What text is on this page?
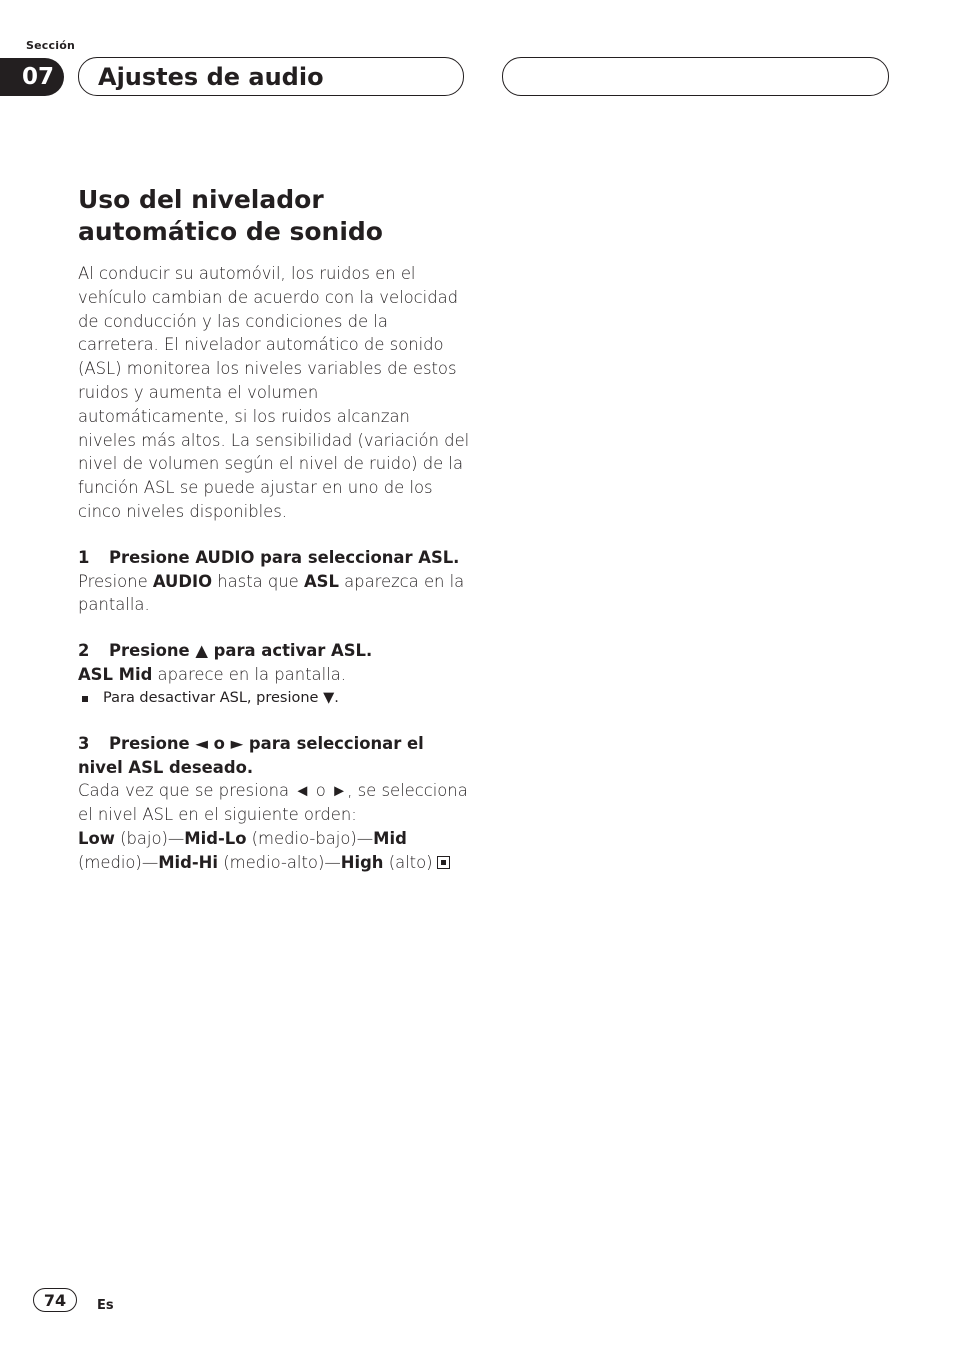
Sección
07	Ajustes de audio
Uso del nivelador
automático de sonido

Al conducir su automóvil, los ruidos en el vehículo cambian de acuerdo con la velocidad de conducción y las condiciones de la carretera. El nivelador automático de sonido (ASL) monitorea los niveles variables de estos ruidos y aumenta el volumen automáticamente, si los ruidos alcanzan niveles más altos. La sensibilidad (variación del nivel de volumen según el nivel de ruido) de la función ASL se puede ajustar en uno de los cinco niveles disponibles.

1 Presione AUDIO para seleccionar ASL.

Presione AUDIO hasta que ASL aparezca en la pantalla.

2 Presione ▲ para activar ASL.

ASL Mid aparece en la pantalla.

Para desactivar ASL, presione ▼.
3 Presione ◄ o ► para seleccionar el nivel ASL deseado.

Cada vez que se presiona ◄ o ►, se selecciona el nivel ASL en el siguiente orden:

Low (bajo)—Mid-Lo (medio-bajo)—Mid
(medio)—Mid-Hi (medio-alto)—High (alto)

74	Es
